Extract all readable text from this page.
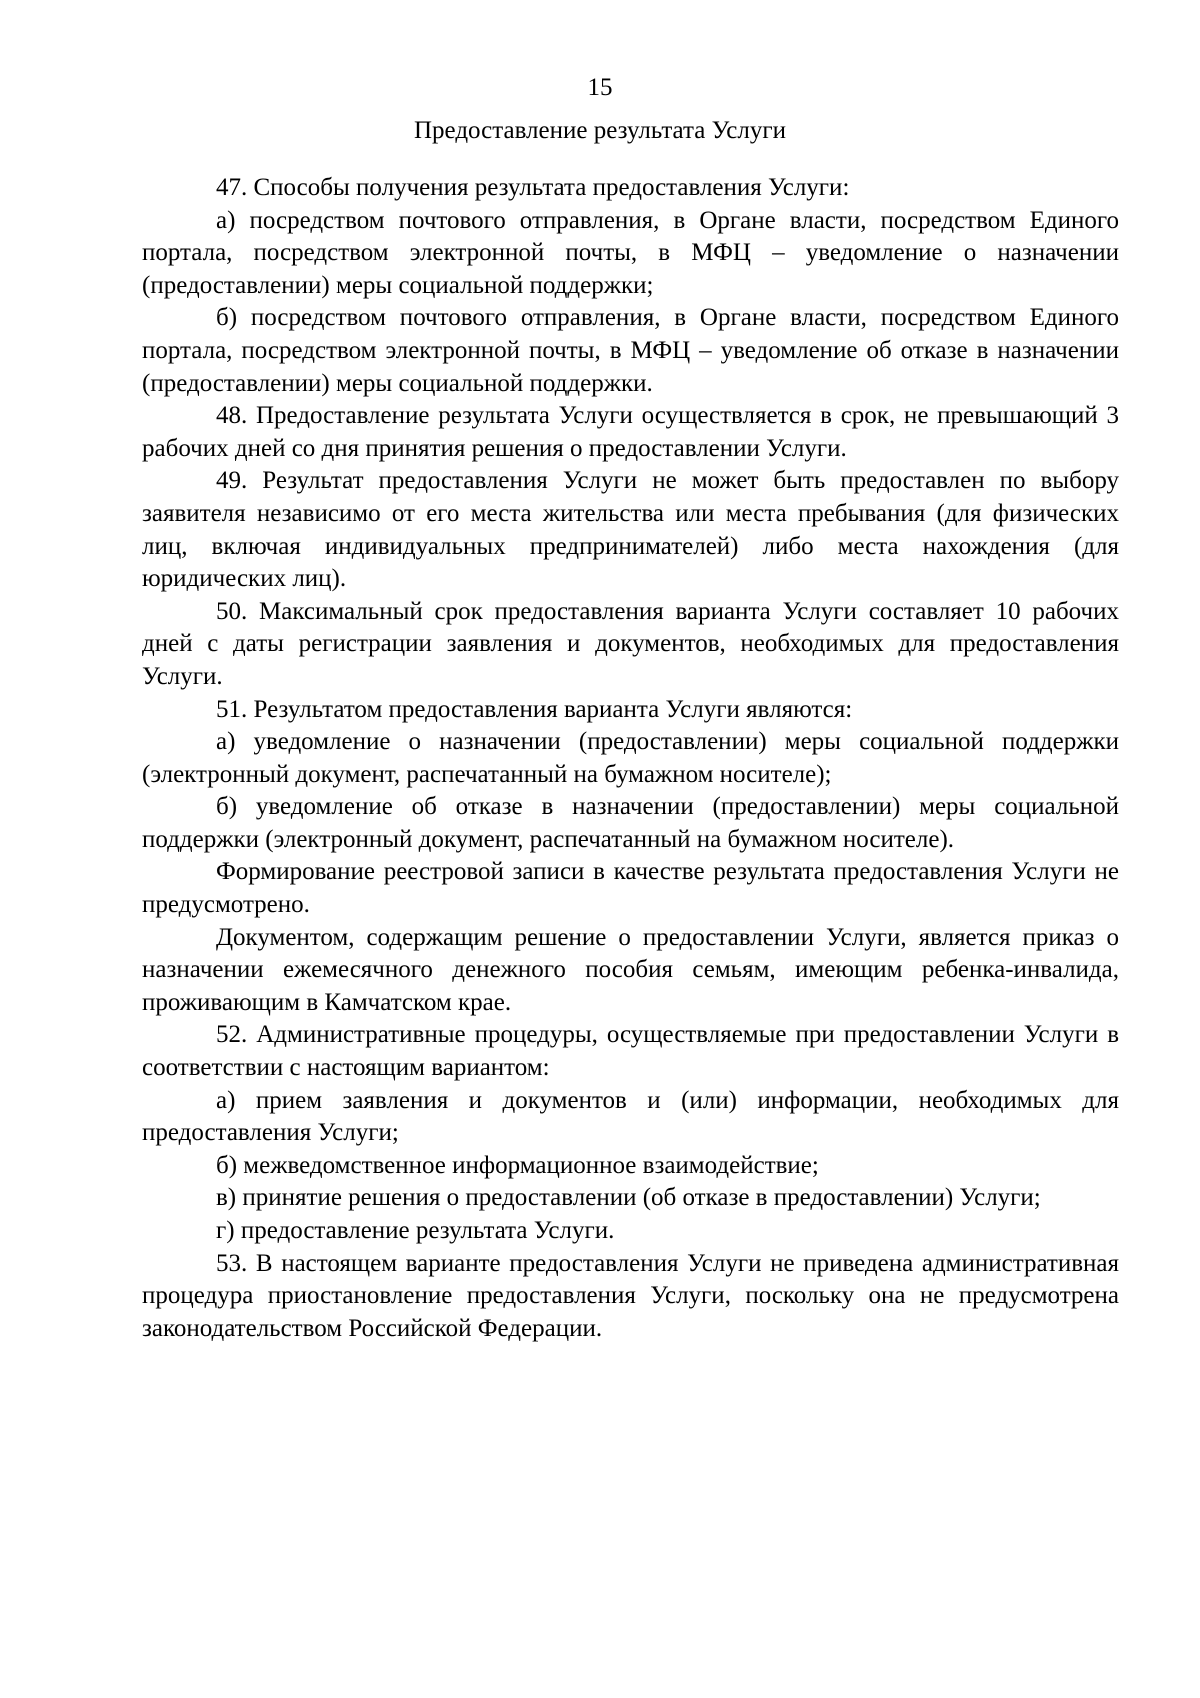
15
Предоставление результата Услуги

47. Способы получения результата предоставления Услуги:

а) посредством почтового отправления, в Органе власти, посредством Единого портала, посредством электронной почты, в МФЦ – уведомление о назначении (предоставлении) меры социальной поддержки;

б) посредством почтового отправления, в Органе власти, посредством Единого портала, посредством электронной почты, в МФЦ – уведомление об отказе в назначении (предоставлении) меры социальной поддержки.

48. Предоставление результата Услуги осуществляется в срок, не превышающий 3 рабочих дней со дня принятия решения о предоставлении Услуги.

49. Результат предоставления Услуги не может быть предоставлен по выбору заявителя независимо от его места жительства или места пребывания (для физических лиц, включая индивидуальных предпринимателей) либо места нахождения (для юридических лиц).

50. Максимальный срок предоставления варианта Услуги составляет 10 рабочих дней с даты регистрации заявления и документов, необходимых для предоставления Услуги.

51. Результатом предоставления варианта Услуги являются:

а) уведомление о назначении (предоставлении) меры социальной поддержки (электронный документ, распечатанный на бумажном носителе);

б) уведомление об отказе в назначении (предоставлении) меры социальной поддержки (электронный документ, распечатанный на бумажном носителе).

Формирование реестровой записи в качестве результата предоставления Услуги не предусмотрено.

Документом, содержащим решение о предоставлении Услуги, является приказ о назначении ежемесячного денежного пособия семьям, имеющим ребенка-инвалида, проживающим в Камчатском крае.

52. Административные процедуры, осуществляемые при предоставлении Услуги в соответствии с настоящим вариантом:

а) прием заявления и документов и (или) информации, необходимых для предоставления Услуги;

б) межведомственное информационное взаимодействие;

в) принятие решения о предоставлении (об отказе в предоставлении) Услуги;

г) предоставление результата Услуги.

53. В настоящем варианте предоставления Услуги не приведена административная процедура приостановление предоставления Услуги, поскольку она не предусмотрена законодательством Российской Федерации.
